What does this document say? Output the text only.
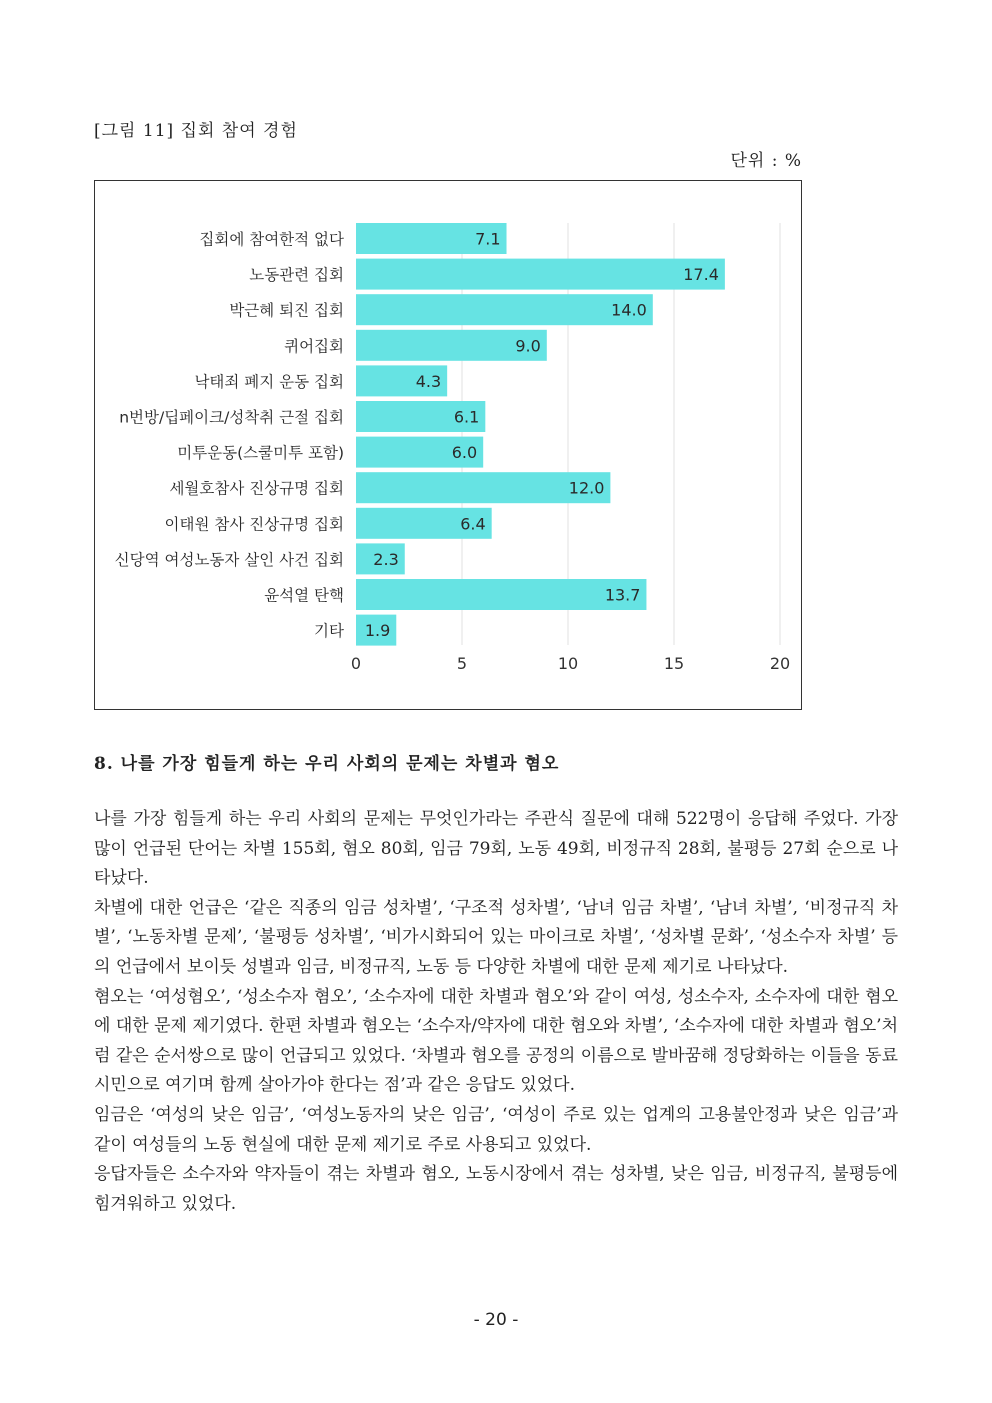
[그림 11] 집회 참여 경험
단위 : %
0	5	10	15	20
7.1
집회에 참여한적 없다
17.4
노동관련 집회
14.0
박근혜 퇴진 집회
9.0
퀴어집회
4.3
낙태죄 폐지 운동 집회
6.1
n번방/딥페이크/성착취 근절 집회
6.0
미투운동(스쿨미투 포함)
12.0
세월호참사 진상규명 집회
6.4
이태원 참사 진상규명 집회
2.3
신당역 여성노동자 살인 사건 집회
13.7
윤석열 탄핵
1.9
기타
8. 나를 가장 힘들게 하는 우리 사회의 문제는 차별과 혐오

나를 가장 힘들게 하는 우리 사회의 문제는 무엇인가라는 주관식 질문에 대해 522명이 응답해 주었다. 가장 많이 언급된 단어는 차별 155회, 혐오 80회, 임금 79회, 노동 49회, 비정규직 28회, 불평등 27회 순으로 나타났다.

차별에 대한 언급은 ‘같은 직종의 임금 성차별’, ‘구조적 성차별’, ‘남녀 임금 차별’, ‘남녀 차별’, ‘비정규직 차별’, ‘노동차별 문제’, ‘불평등 성차별’, ‘비가시화되어 있는 마이크로 차별’, ‘성차별 문화’, ‘성소수자 차별’ 등의 언급에서 보이듯 성별과 임금, 비정규직, 노동 등 다양한 차별에 대한 문제 제기로 나타났다.

혐오는 ‘여성혐오’, ‘성소수자 혐오’, ‘소수자에 대한 차별과 혐오’와 같이 여성, 성소수자, 소수자에 대한 혐오에 대한 문제 제기였다. 한편 차별과 혐오는 ‘소수자/약자에 대한 혐오와 차별’, ‘소수자에 대한 차별과 혐오’처럼 같은 순서쌍으로 많이 언급되고 있었다. ‘차별과 혐오를 공정의 이름으로 발바꿈해 정당화하는 이들을 동료 시민으로 여기며 함께 살아가야 한다는 점’과 같은 응답도 있었다.

임금은 ‘여성의 낮은 임금’, ‘여성노동자의 낮은 임금’, ‘여성이 주로 있는 업계의 고용불안정과 낮은 임금’과 같이 여성들의 노동 현실에 대한 문제 제기로 주로 사용되고 있었다.

응답자들은 소수자와 약자들이 겪는 차별과 혐오, 노동시장에서 겪는 성차별, 낮은 임금, 비정규직, 불평등에 힘겨워하고 있었다.

- 20 -
